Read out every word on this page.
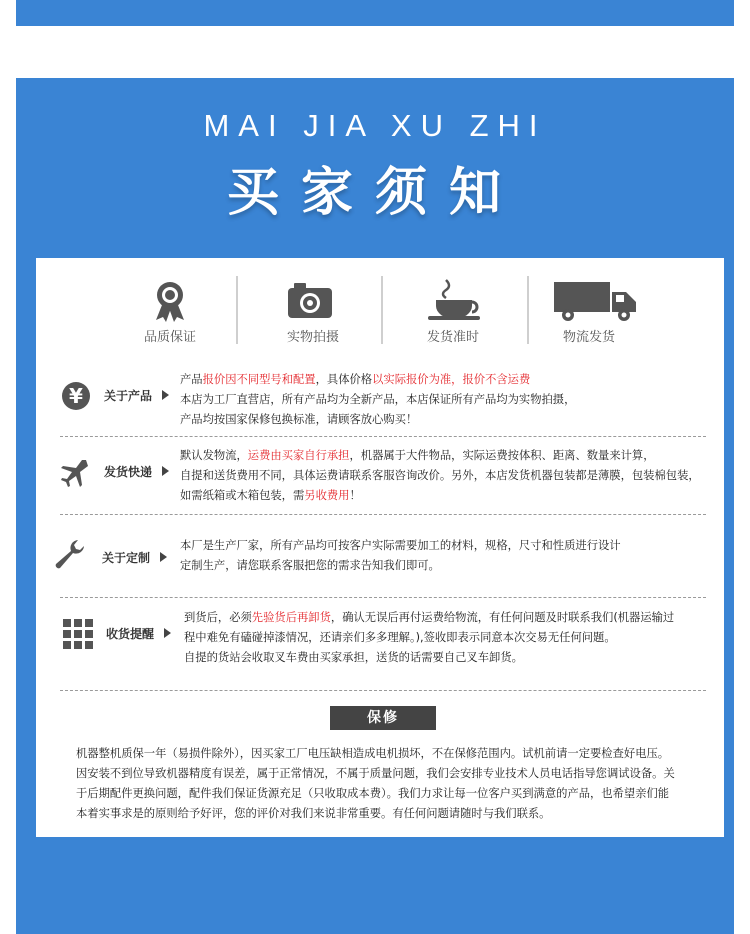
MAI JIA XU ZHI
买家须知
品质保证	实物拍摄	发货准时	物流发货
¥ 关于产品
产品报价因不同型号和配置，具体价格以实际报价为准，报价不含运费
本店为工厂直营店，所有产品均为全新产品，本店保证所有产品均为实物拍摄，
产品均按国家保修包换标准，请顾客放心购买！
发货快递
默认发物流，运费由买家自行承担，机器属于大件物品，实际运费按体积、距离、数量来计算，
自提和送货费用不同，具体运费请联系客服咨询改价。另外，本店发货机器包装都是薄膜，包装棉包装，
如需纸箱或木箱包装，需另收费用！
关于定制
本厂是生产厂家，所有产品均可按客户实际需要加工的材料，规格，尺寸和性质进行设计
定制生产，请您联系客服把您的需求告知我们即可。
收货提醒
到货后，必须先验货后再卸货，确认无误后再付运费给物流，有任何问题及时联系我们(机器运输过
程中难免有磕碰掉漆情况，还请亲们多多理解。),签收即表示同意本次交易无任何问题。
自提的货站会收取叉车费由买家承担，送货的话需要自己叉车卸货。
保修
机器整机质保一年（易损件除外），因买家工厂电压缺相造成电机损坏，不在保修范围内。试机前请一定要检查好电压。
因安装不到位导致机器精度有误差，属于正常情况，不属于质量问题，我们会安排专业技术人员电话指导您调试设备。关
于后期配件更换问题，配件我们保证货源充足（只收取成本费）。我们力求让每一位客户买到满意的产品，也希望亲们能
本着实事求是的原则给予好评，您的评价对我们来说非常重要。有任何问题请随时与我们联系。
